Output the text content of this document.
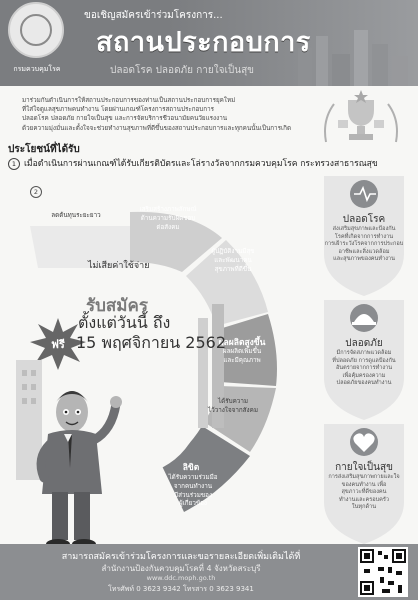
กรมควบคุมโรค
ขอเชิญสมัครเข้าร่วมโครงการ...
สถานประกอบการ
ปลอดโรค ปลอดภัย กายใจเป็นสุข
มาร่วมกันดำเนินการให้สถานประกอบการของท่านเป็นสถานประกอบการยุคใหม่
ที่ใส่ใจดูแลสุขภาพคนทำงาน โดยผ่านเกณฑ์โครงการสถานประกอบการ
ปลอดโรค ปลอดภัย กายใจเป็นสุข และการจัดบริการชีวอนามัยคนวัยแรงงาน
ด้วยความมุ่งมั่นและตั้งใจจะช่วยทำงานสุขภาพที่ดีขึ้นของสถานประกอบการและทุกคนนั้นเป็นการเกิด
ประโยชน์ที่ได้รับ
1 เมื่อดำเนินการผ่านเกณฑ์ได้รับเกียรติบัตรและโล่รางวัลจากกรมควบคุมโรค กระทรวงสาธารณสุข
2
ลดต้นทุนระยะยาว
เสริมสร้างภาพลักษณ์
ด้านความรับผิดชอบ
ต่อสังคม
ผู้ปฏิบัติงานมีสุข
และพัฒนาคน
สุขภาพที่ดีขึ้น
ผลผลิตสูงขึ้น
ผลผลิตเพิ่มขึ้น
และมีคุณภาพ
ได้รับความ
ไว้วางใจจากสังคม
ลิขิต
ได้รับความร่วมมือ
จากคนทำงาน
มีส่วนร่วมของ
ผู้เกี่ยวข้อง
ไม่เสียค่าใช้จ่าย
ฟรี
รับสมัคร
ตั้งแต่วันนี้ ถึง
15 พฤศจิกายน 2562
ปลอดโรค
ส่งเสริมสุขภาพและป้องกัน
โรคที่เกิดจากการทำงาน
การเฝ้าระวังโรคจากการประกอบ
อาชีพและสิ่งแวดล้อม
และสุขภาพของคนทำงาน
ปลอดภัย
มีการจัดสภาพแวดล้อม
ที่ปลอดภัย การดูแลป้องกัน
อันตรายจากการทำงาน
เพื่อคุ้มครองความ
ปลอดภัยของคนทำงาน
กายใจเป็นสุข
การส่งเสริมสุขภาพกายและใจ
ของคนทำงาน เพื่อ
สุขภาวะที่ดีของคน
ทำงานและครอบครัว
ในทุกด้าน
สามารถสมัครเข้าร่วมโครงการและขอรายละเอียดเพิ่มเติมได้ที่
สำนักงานป้องกันควบคุมโรคที่ 4 จังหวัดสระบุรี
www.ddc.moph.go.th
โทรศัพท์ 0 3623 9342 โทรสาร 0 3623 9341
